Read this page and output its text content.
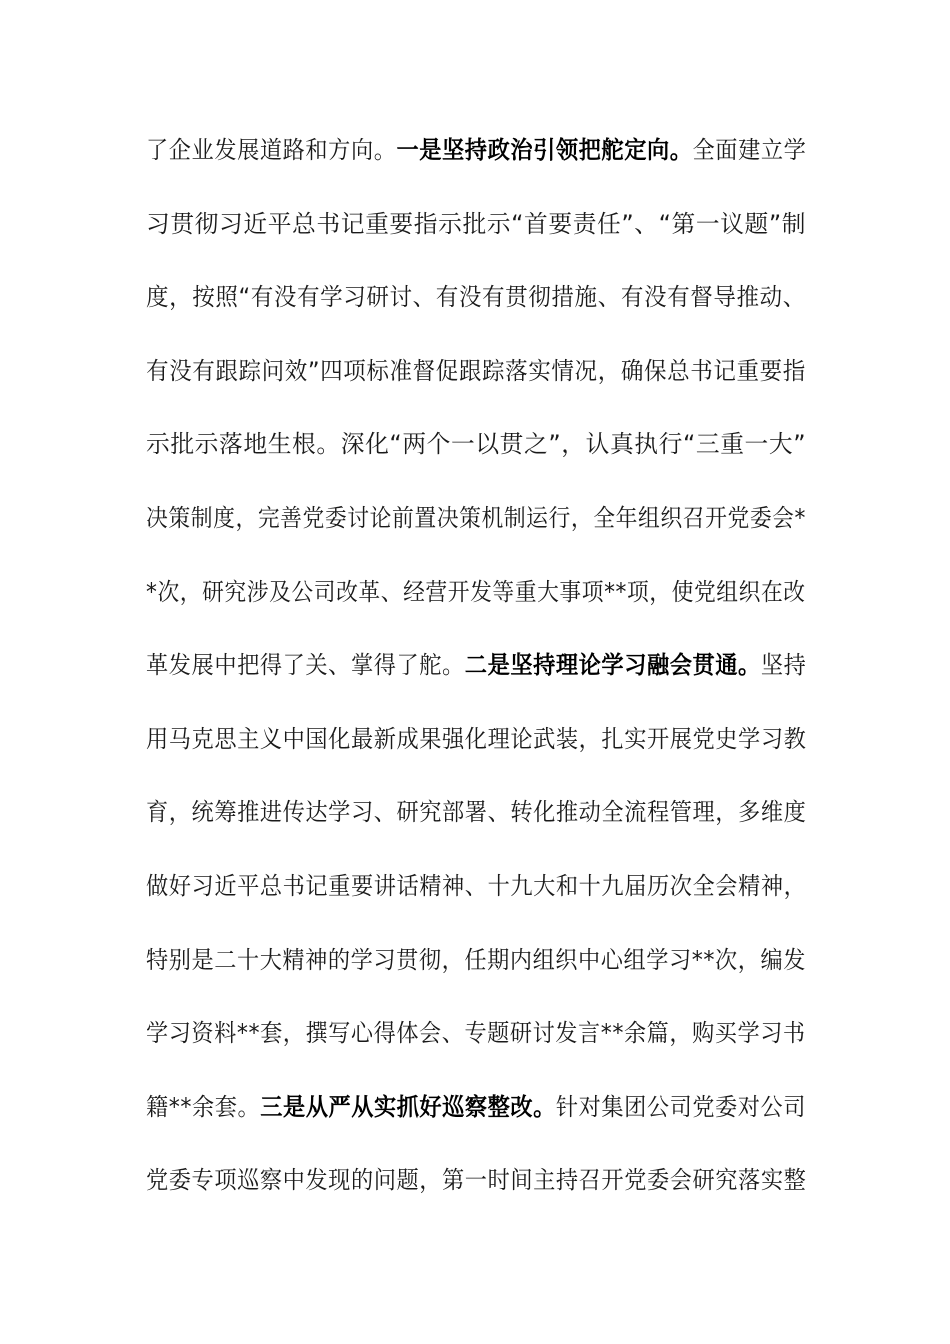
了企业发展道路和方向。一是坚持政治引领把舵定向。全面建立学
习贯彻习近平总书记重要指示批示“首要责任”、“第一议题”制
度，按照“有没有学习研讨、有没有贯彻措施、有没有督导推动、
有没有跟踪问效”四项标准督促跟踪落实情况，确保总书记重要指
示批示落地生根。深化“两个一以贯之”，认真执行“三重一大”
决策制度，完善党委讨论前置决策机制运行，全年组织召开党委会*
*次，研究涉及公司改革、经营开发等重大事项**项，使党组织在改
革发展中把得了关、掌得了舵。二是坚持理论学习融会贯通。坚持
用马克思主义中国化最新成果强化理论武装，扎实开展党史学习教
育，统筹推进传达学习、研究部署、转化推动全流程管理，多维度
做好习近平总书记重要讲话精神、十九大和十九届历次全会精神，
特别是二十大精神的学习贯彻，任期内组织中心组学习**次，编发
学习资料**套，撰写心得体会、专题研讨发言**余篇，购买学习书
籍**余套。三是从严从实抓好巡察整改。针对集团公司党委对公司
党委专项巡察中发现的问题，第一时间主持召开党委会研究落实整
